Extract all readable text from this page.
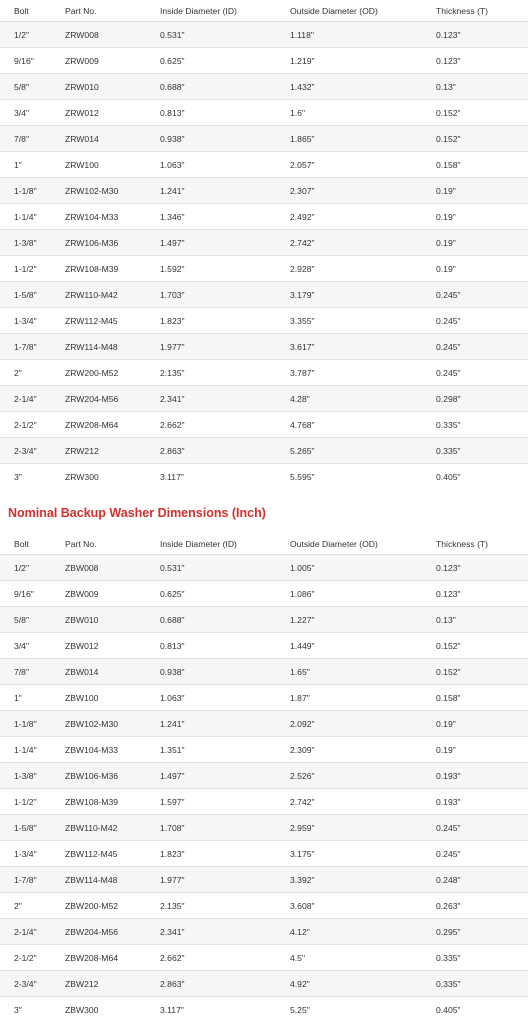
Bolt	Part No.	Inside Diameter (ID)	Outside Diameter (OD)	Thickness (T)
1/2"	ZRW008	0.531"	1.118"	0.123"
9/16"	ZRW009	0.625"	1.219"	0.123"
5/8"	ZRW010	0.688"	1.432"	0.13"
3/4"	ZRW012	0.813"	1.6"	0.152"
7/8"	ZRW014	0.938"	1.865"	0.152"
1"	ZRW100	1.063"	2.057"	0.158"
1-1/8"	ZRW102-M30	1.241"	2.307"	0.19"
1-1/4"	ZRW104-M33	1.346"	2.492"	0.19"
1-3/8"	ZRW106-M36	1.497"	2.742"	0.19"
1-1/2"	ZRW108-M39	1.592"	2.928"	0.19"
1-5/8"	ZRW110-M42	1.703"	3.179"	0.245"
1-3/4"	ZRW112-M45	1.823"	3.355"	0.245"
1-7/8"	ZRW114-M48	1.977"	3.617"	0.245"
2"	ZRW200-M52	2.135"	3.787"	0.245"
2-1/4"	ZRW204-M56	2.341"	4.28"	0.298"
2-1/2"	ZRW208-M64	2.662"	4.768"	0.335"
2-3/4"	ZRW212	2.863"	5.265"	0.335"
3"	ZRW300	3.117"	5.595"	0.405"
Nominal Backup Washer Dimensions (Inch)
Bolt	Part No.	Inside Diameter (ID)	Outside Diameter (OD)	Thickness (T)
1/2"	ZBW008	0.531"	1.005"	0.123"
9/16"	ZBW009	0.625"	1.086"	0.123"
5/8"	ZBW010	0.688"	1.227"	0.13"
3/4"	ZBW012	0.813"	1.449"	0.152"
7/8"	ZBW014	0.938"	1.65"	0.152"
1"	ZBW100	1.063"	1.87"	0.158"
1-1/8"	ZBW102-M30	1.241"	2.092"	0.19"
1-1/4"	ZBW104-M33	1.351"	2.309"	0.19"
1-3/8"	ZBW106-M36	1.497"	2.526"	0.193"
1-1/2"	ZBW108-M39	1.597"	2.742"	0.193"
1-5/8"	ZBW110-M42	1.708"	2.959"	0.245"
1-3/4"	ZBW112-M45	1.823"	3.175"	0.245"
1-7/8"	ZBW114-M48	1.977"	3.392"	0.248"
2"	ZBW200-M52	2.135"	3.608"	0.263"
2-1/4"	ZBW204-M56	2.341"	4.12"	0.295"
2-1/2"	ZBW208-M64	2.662"	4.5"	0.335"
2-3/4"	ZBW212	2.863"	4.92"	0.335"
3"	ZBW300	3.117"	5.25"	0.405"
